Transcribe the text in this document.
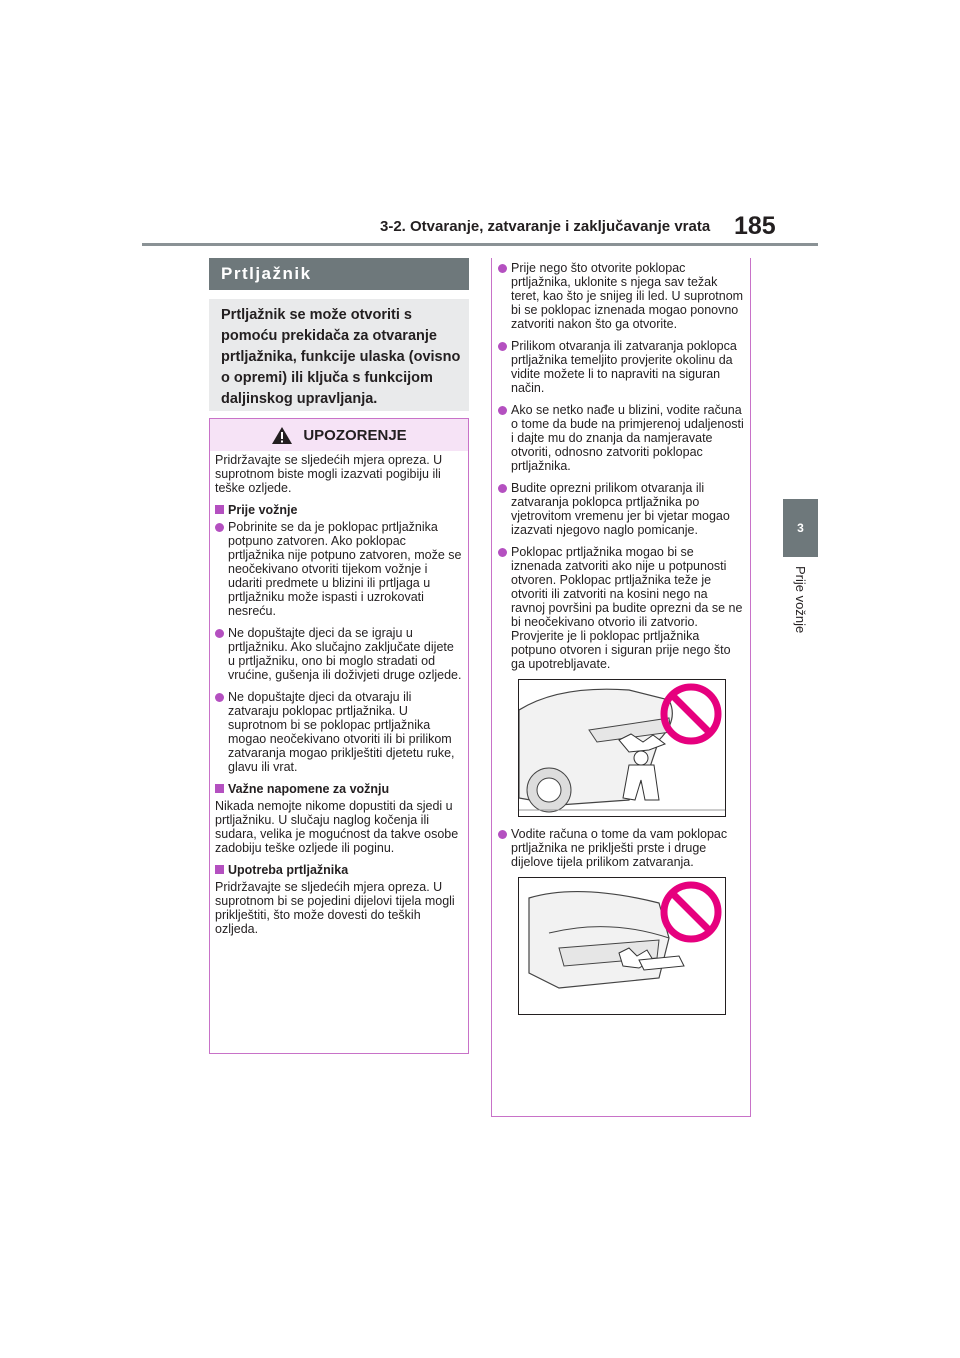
3-2. Otvaranje, zatvaranje i zaključavanje vrata 185
3
Prije vožnje
Prtljažnik
Prtljažnik se može otvoriti s pomoću prekidača za otvaranje prtljažnika, funkcije ulaska (ovisno o opremi) ili ključa s funkcijom daljinskog upravljanja.
UPOZORENJE

Pridržavajte se sljedećih mjera opreza. U suprotnom biste mogli izazvati pogibiju ili teške ozljede.

Prije vožnje

Pobrinite se da je poklopac prtljažnika potpuno zatvoren. Ako poklopac prtljažnika nije potpuno zatvoren, može se neočekivano otvoriti tijekom vožnje i udariti predmete u blizini ili prtljaga u prtljažniku može ispasti i uzrokovati nesreću.

Ne dopuštajte djeci da se igraju u prtljažniku. Ako slučajno zaključate dijete u prtljažniku, ono bi moglo stradati od vrućine, gušenja ili doživjeti druge ozljede.

Ne dopuštajte djeci da otvaraju ili zatvaraju poklopac prtljažnika. U suprotnom bi se poklopac prtljažnika mogao neočekivano otvoriti ili bi prilikom zatvaranja mogao priklještiti djetetu ruke, glavu ili vrat.

Važne napomene za vožnju

Nikada nemojte nikome dopustiti da sjedi u prtljažniku. U slučaju naglog kočenja ili sudara, velika je mogućnost da takve osobe zadobiju teške ozljede ili poginu.

Upotreba prtljažnika

Pridržavajte se sljedećih mjera opreza. U suprotnom bi se pojedini dijelovi tijela mogli priklještiti, što može dovesti do teških ozljeda.

Prije nego što otvorite poklopac prtljažnika, uklonite s njega sav težak teret, kao što je snijeg ili led. U suprotnom bi se poklopac iznenada mogao ponovno zatvoriti nakon što ga otvorite.

Prilikom otvaranja ili zatvaranja poklopca prtljažnika temeljito provjerite okolinu da vidite možete li to napraviti na siguran način.

Ako se netko nađe u blizini, vodite računa o tome da bude na primjerenoj udaljenosti i dajte mu do znanja da namjeravate otvoriti, odnosno zatvoriti poklopac prtljažnika.

Budite oprezni prilikom otvaranja ili zatvaranja poklopca prtljažnika po vjetrovitom vremenu jer bi vjetar mogao izazvati njegovo naglo pomicanje.

Poklopac prtljažnika mogao bi se iznenada zatvoriti ako nije u potpunosti otvoren. Poklopac prtljažnika teže je otvoriti ili zatvoriti na kosini nego na ravnoj površini pa budite oprezni da se ne bi neočekivano otvorio ili zatvorio. Provjerite je li poklopac prtljažnika potpuno otvoren i siguran prije nego što ga upotrebljavate.

Vodite računa o tome da vam poklopac prtljažnika ne priklješti prste i druge dijelove tijela prilikom zatvaranja.
